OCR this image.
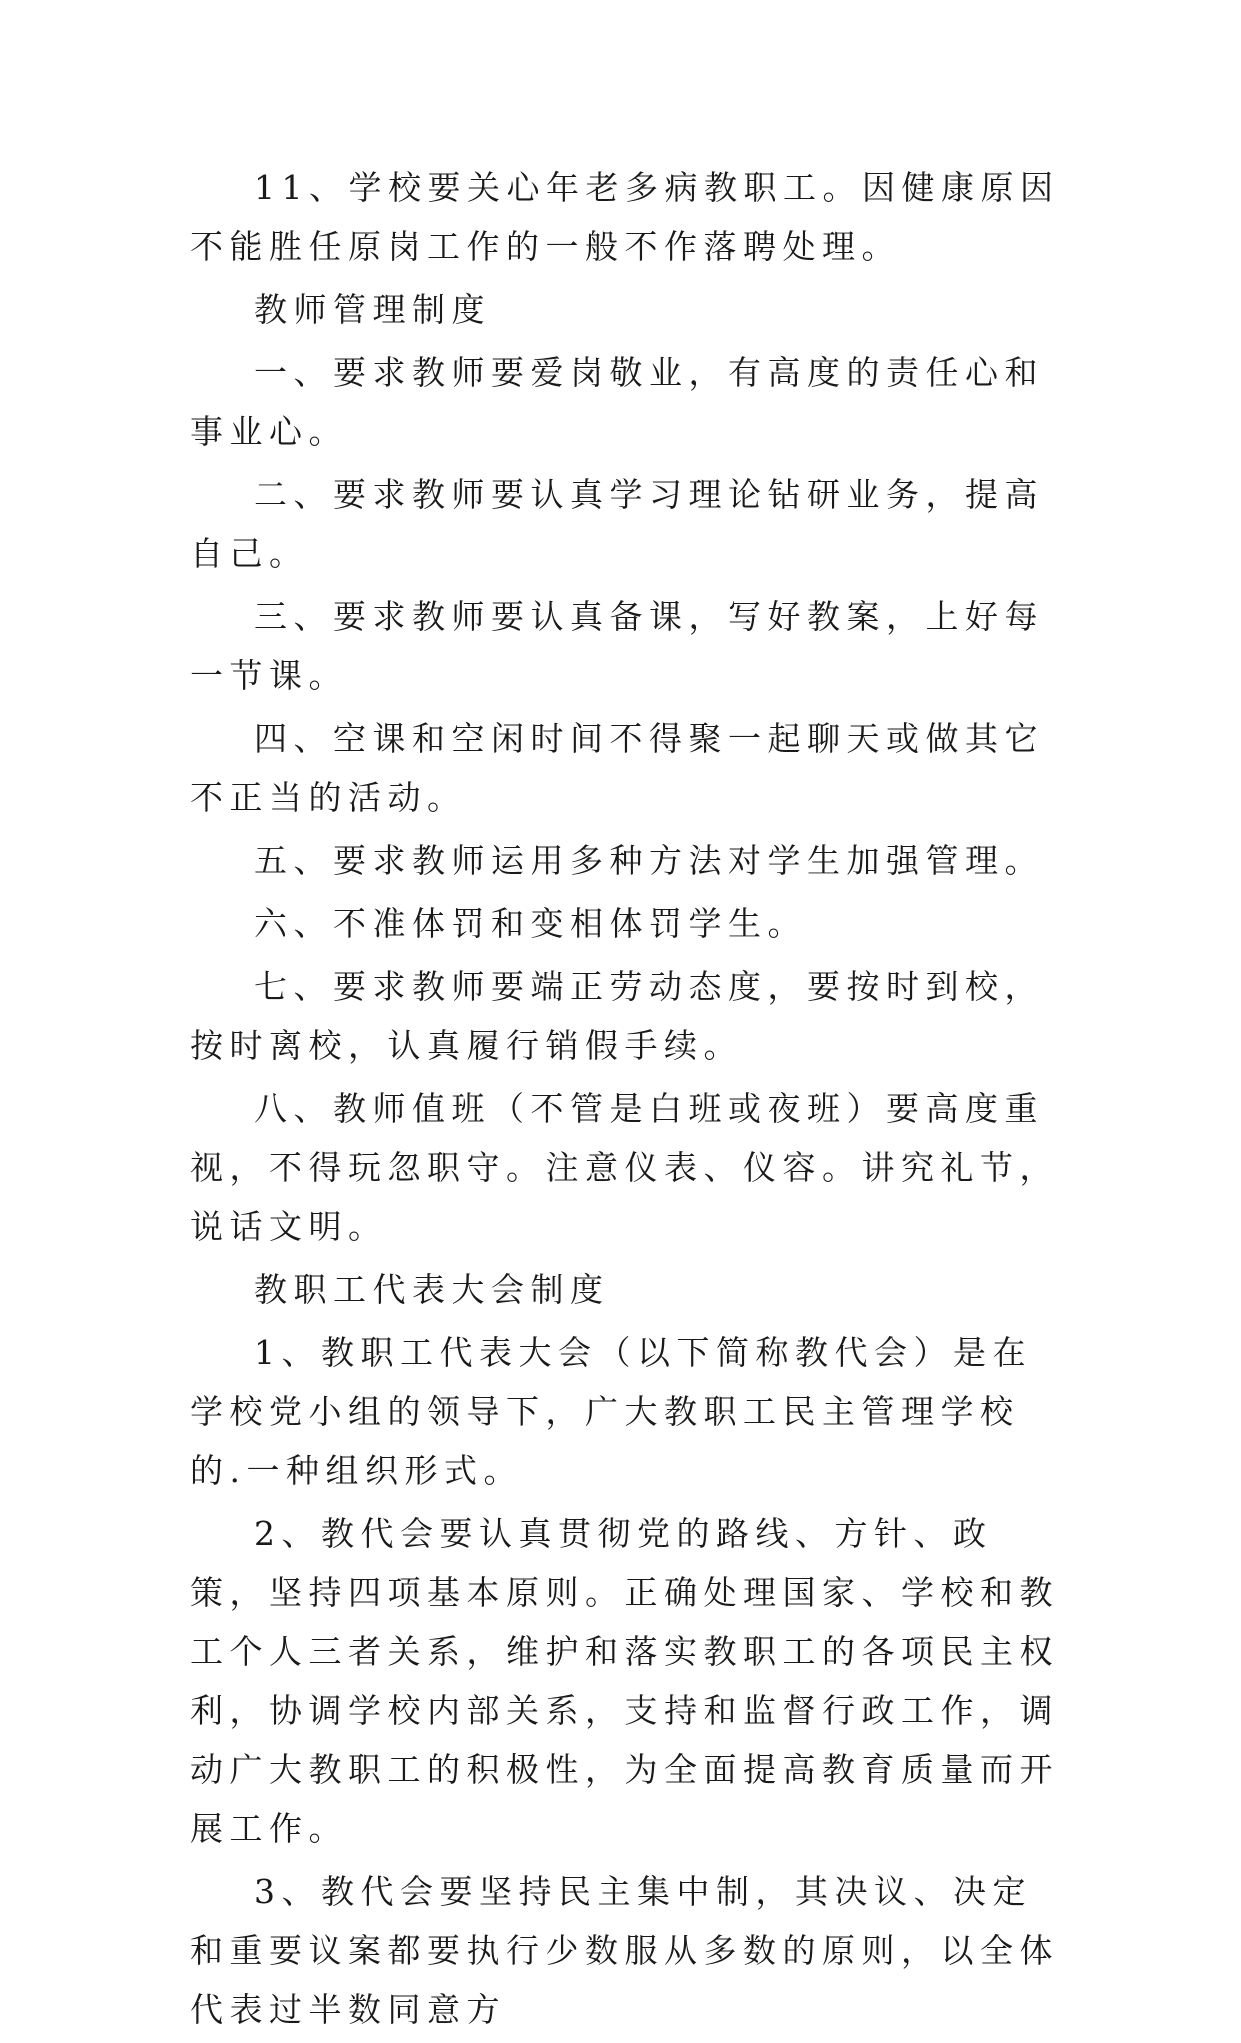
11、学校要关心年老多病教职工。因健康原因不能胜任原岗工作的一般不作落聘处理。

教师管理制度

一、要求教师要爱岗敬业，有高度的责任心和事业心。

二、要求教师要认真学习理论钻研业务，提高自己。

三、要求教师要认真备课，写好教案，上好每一节课。

四、空课和空闲时间不得聚一起聊天或做其它不正当的活动。

五、要求教师运用多种方法对学生加强管理。

六、不准体罚和变相体罚学生。

七、要求教师要端正劳动态度，要按时到校，按时离校，认真履行销假手续。

八、教师值班（不管是白班或夜班）要高度重视，不得玩忽职守。注意仪表、仪容。讲究礼节，说话文明。

教职工代表大会制度

1、教职工代表大会（以下简称教代会）是在学校党小组的领导下，广大教职工民主管理学校的.一种组织形式。

2、教代会要认真贯彻党的路线、方针、政策，坚持四项基本原则。正确处理国家、学校和教工个人三者关系，维护和落实教职工的各项民主权利，协调学校内部关系，支持和监督行政工作，调动广大教职工的积极性，为全面提高教育质量而开展工作。

3、教代会要坚持民主集中制，其决议、决定和重要议案都要执行少数服从多数的原则，以全体代表过半数同意方
